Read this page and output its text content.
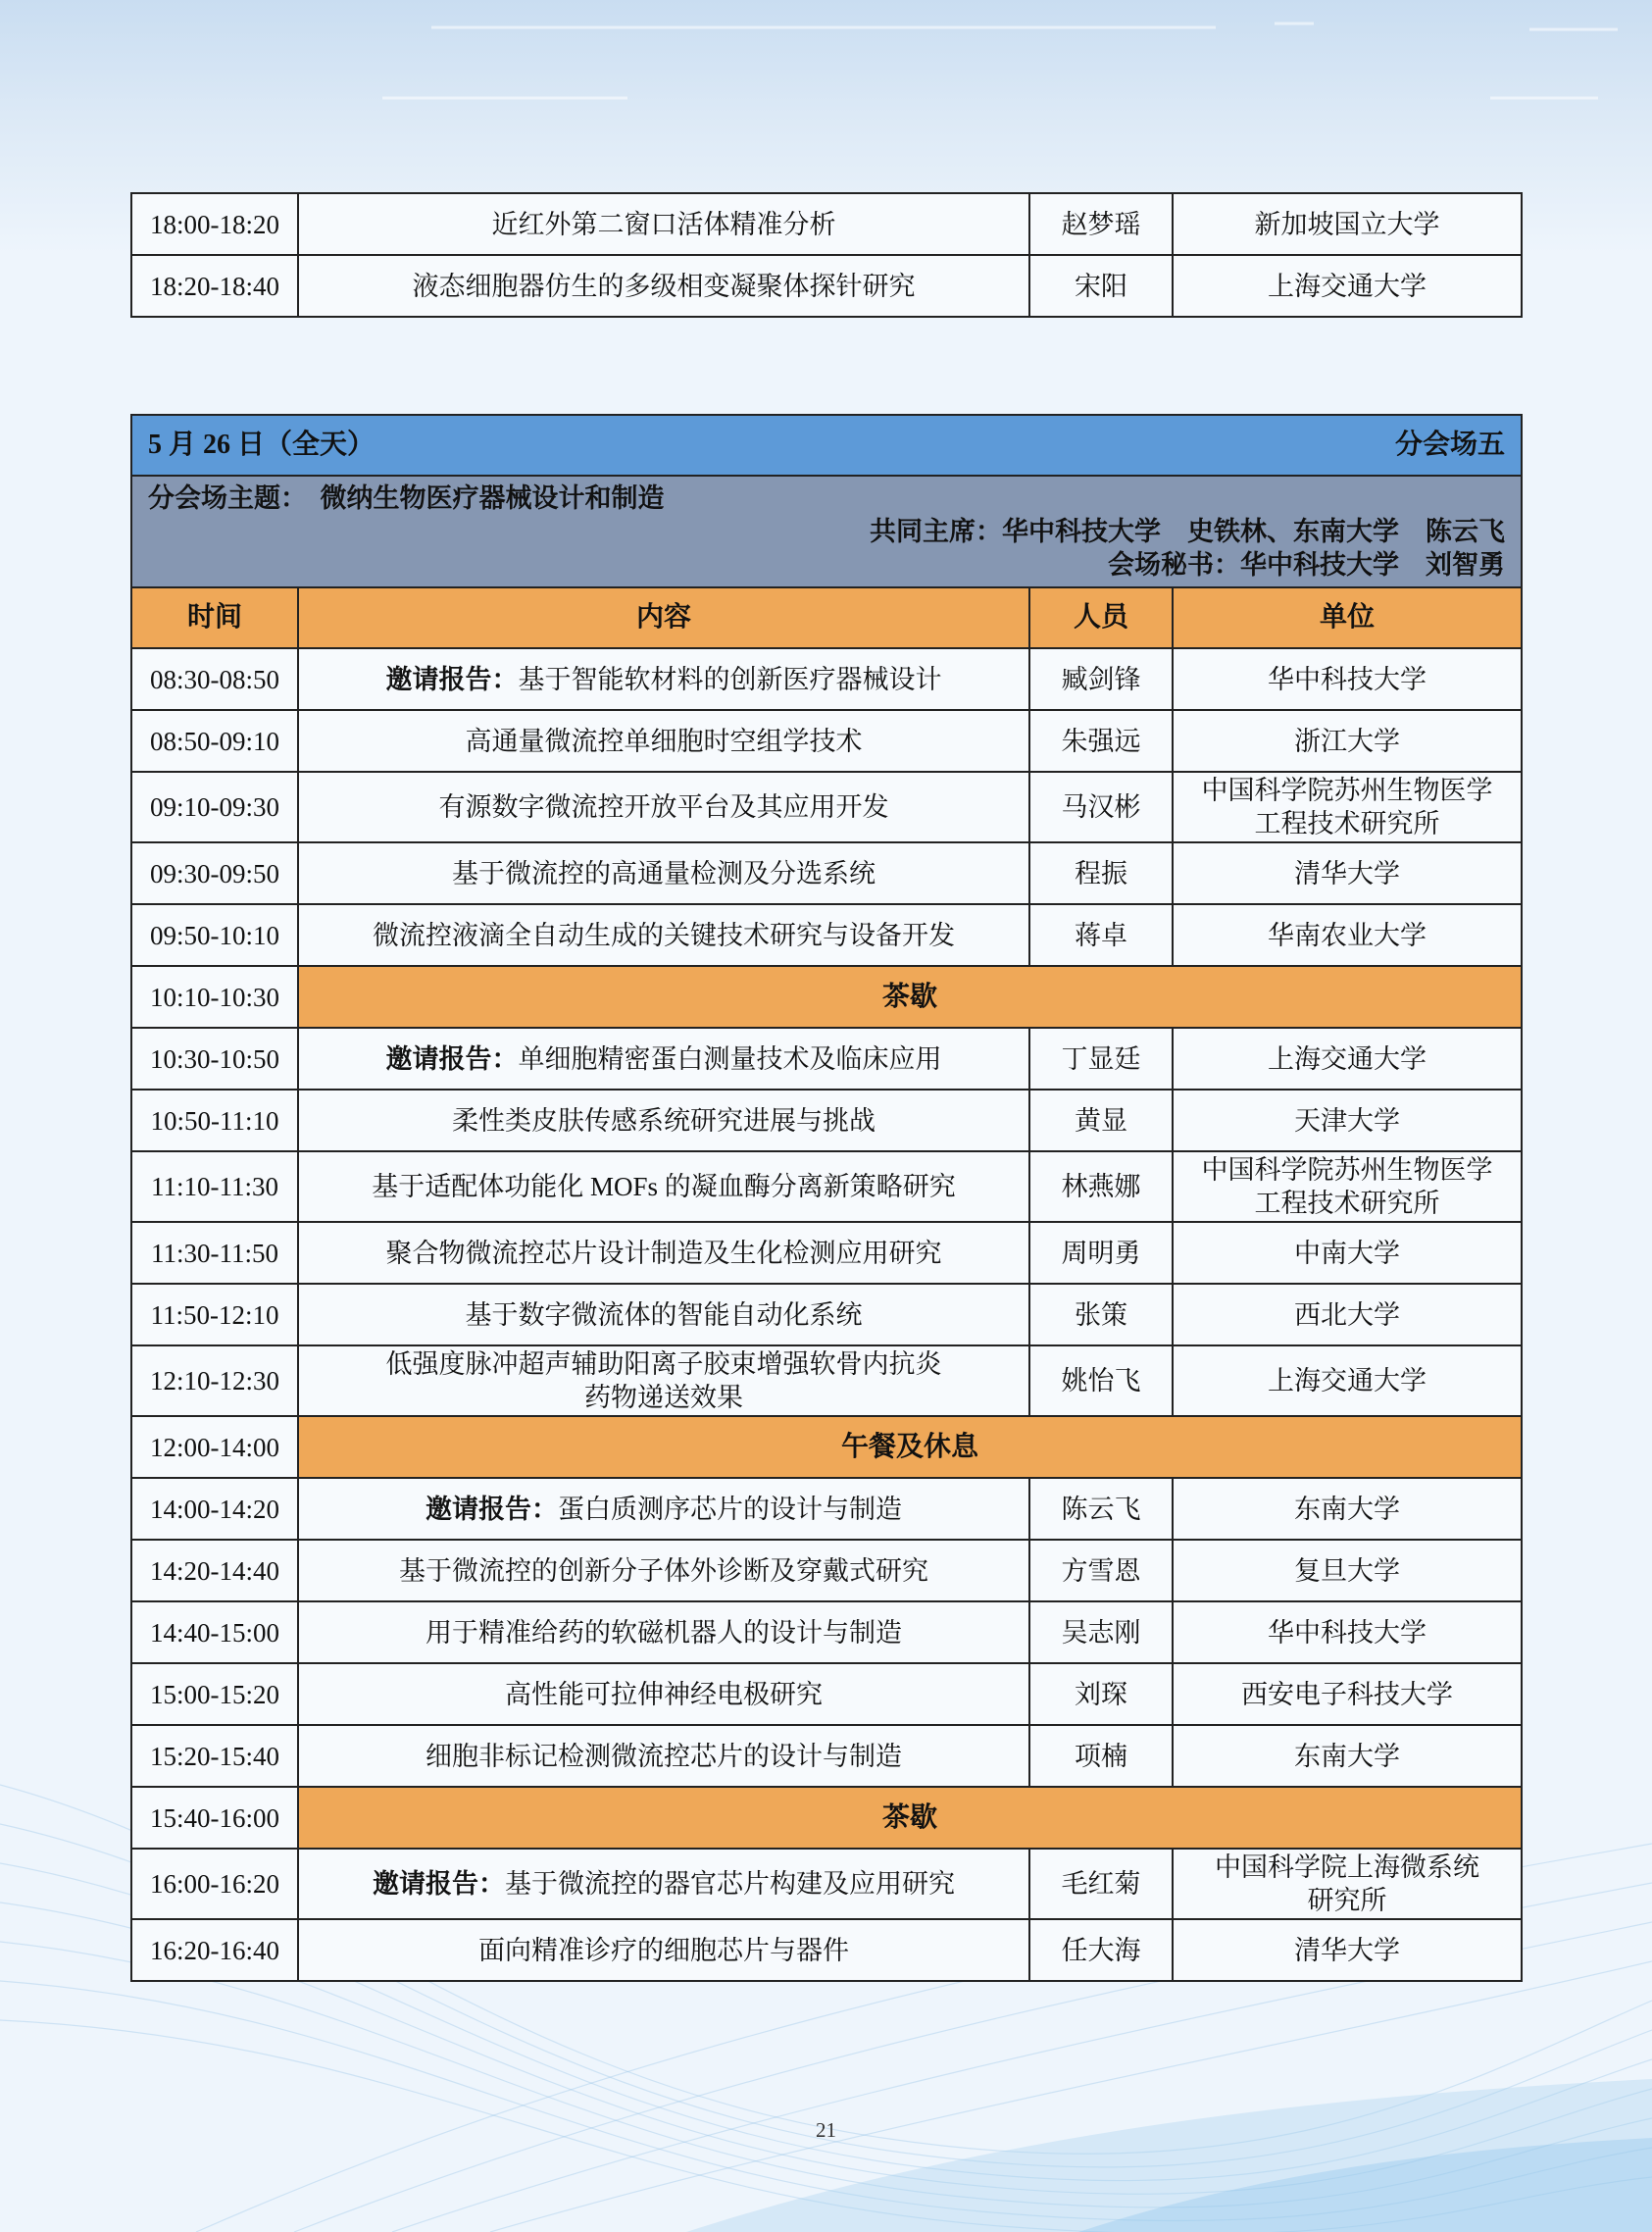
18:00-18:20	近红外第二窗口活体精准分析	赵梦瑶	新加坡国立大学
18:20-18:40	液态细胞器仿生的多级相变凝聚体探针研究	宋阳	上海交通大学
5 月 26 日（全天） 分会场五			

分会场主题：　 微纳生物医疗器械设计和制造
共同主席：华中科技大学　史铁林、东南大学　陈云飞
会场秘书：华中科技大学　刘智勇			

时间	内容	人员	单位
08:30-08:50	邀请报告：基于智能软材料的创新医疗器械设计	臧剑锋	华中科技大学
08:50-09:10	高通量微流控单细胞时空组学技术	朱强远	浙江大学
09:10-09:30	有源数字微流控开放平台及其应用开发	马汉彬	中国科学院苏州生物医学
工程技术研究所

09:30-09:50	基于微流控的高通量检测及分选系统	程振	清华大学
09:50-10:10	微流控液滴全自动生成的关键技术研究与设备开发	蒋卓	华南农业大学
10:10-10:30	茶歇		
10:30-10:50	邀请报告：单细胞精密蛋白测量技术及临床应用	丁显廷	上海交通大学
10:50-11:10	柔性类皮肤传感系统研究进展与挑战	黄显	天津大学
11:10-11:30	基于适配体功能化 MOFs 的凝血酶分离新策略研究	林燕娜	中国科学院苏州生物医学
工程技术研究所

11:30-11:50	聚合物微流控芯片设计制造及生化检测应用研究	周明勇	中南大学
11:50-12:10	基于数字微流体的智能自动化系统	张策	西北大学
12:10-12:30	低强度脉冲超声辅助阳离子胶束增强软骨内抗炎
药物递送效果	姚怡飞	上海交通大学
12:00-14:00	午餐及休息		
14:00-14:20	邀请报告：蛋白质测序芯片的设计与制造	陈云飞	东南大学
14:20-14:40	基于微流控的创新分子体外诊断及穿戴式研究	方雪恩	复旦大学
14:40-15:00	用于精准给药的软磁机器人的设计与制造	吴志刚	华中科技大学
15:00-15:20	高性能可拉伸神经电极研究	刘琛	西安电子科技大学
15:20-15:40	细胞非标记检测微流控芯片的设计与制造	项楠	东南大学
15:40-16:00	茶歇		
16:00-16:20	邀请报告：基于微流控的器官芯片构建及应用研究	毛红菊	中国科学院上海微系统
研究所

16:20-16:40	面向精准诊疗的细胞芯片与器件	任大海	清华大学
21
